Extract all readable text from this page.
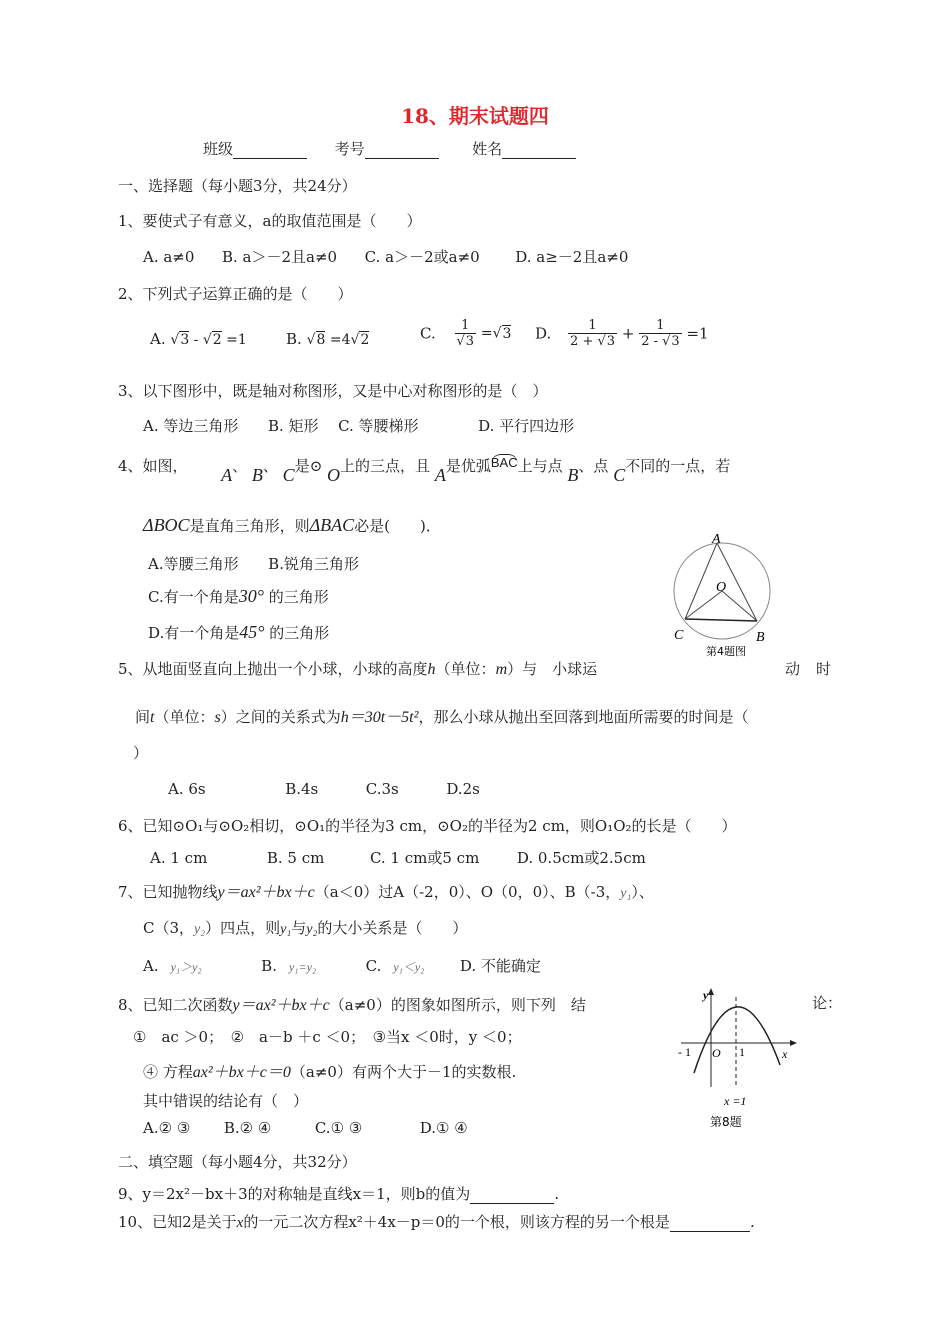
18、期末试题四
班级	考号	姓名
一、选择题（每小题3分，共24分）
1、要使式子有意义，a的取值范围是（　　）
A. a≠0 B. a＞－2且a≠0 C. a＞－2或a≠0 D. a≥－2且a≠0
2、下列式子运算正确的是（　　）
A. √3 - √2 =1	B. √8 =4√2	C. $\frac{1}{√3} =√3$ D. $\frac{1}{2 + √3} + \frac{1}{2 - √3} =1$
3、以下图形中，既是轴对称图形，又是中心对称图形的是（　）
A. 等边三角形 B. 矩形 C. 等腰梯形	D. 平行四边形
4、如图， A、 B、 C是⊙ O上的三点，且 A是优弧BAC上与点 B、点 C不同的一点，若
ΔBOC是直角三角形，则ΔBAC必是(　　)．
A.等腰三角形 B.锐角三角形
C.有一个角是30° 的三角形
D.有一个角是45° 的三角形
A
O
C	B
第4题图
5、从地面竖直向上抛出一个小球，小球的高度h（单位：m）与　小球运	动 时
间t（单位：s）之间的关系式为h＝30t－5t²，那么小球从抛出至回落到地面所需要的时间是（
）
A. 6s	B.4s	C.3s	D.2s
6、已知⊙O₁与⊙O₂相切，⊙O₁的半径为3 cm，⊙O₂的半径为2 cm，则O₁O₂的长是（　　）
A. 1 cm	B. 5 cm	C. 1 cm或5 cm	D. 0.5cm或2.5cm
7、已知抛物线y＝ax²＋bx＋c（a＜0）过A（-2，0）、O（0，0）、B（-3，y₁）、
C（3，y₂）四点，则y₁与y₂的大小关系是（　　）
A. y₁＞y₂	B. y₁=y₂	C. y₁＜y₂ D. 不能确定
8、已知二次函数y＝ax²＋bx＋c（a≠0）的图象如图所示，则下列　结	论：
①　ac ＞0；　②　a－b ＋c ＜0；　③当x ＜0时，y ＜0；
④ 方程ax²＋bx＋c＝0（a≠0）有两个大于－1的实数根.
其中错误的结论有（　）
A.② ③ B.② ④	C.① ③	D.① ④
y
x
O
- 1	1
x =1
第8题
二、填空题（每小题4分，共32分）
9、y＝2x²－bx＋3的对称轴是直线x＝1，则b的值为	.
10、已知2是关于x的一元二次方程x²＋4x－p＝0的一个根，则该方程的另一个根是	.
